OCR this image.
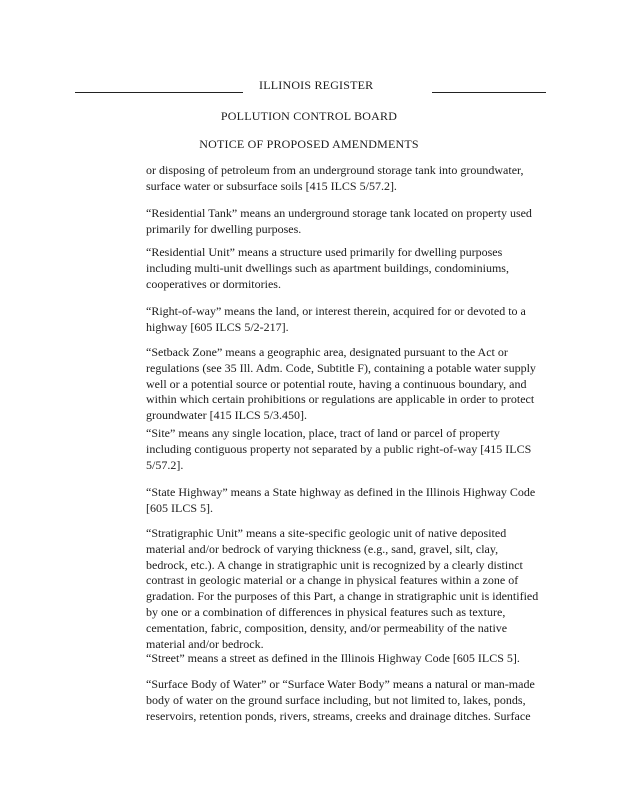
ILLINOIS REGISTER
POLLUTION CONTROL BOARD
NOTICE OF PROPOSED AMENDMENTS

or disposing of petroleum from an underground storage tank into groundwater,
surface water or subsurface soils [415 ILCS 5/57.2].

“Residential Tank” means an underground storage tank located on property used
primarily for dwelling purposes.

“Residential Unit” means a structure used primarily for dwelling purposes
including multi-unit dwellings such as apartment buildings, condominiums,
cooperatives or dormitories.

“Right-of-way” means the land, or interest therein, acquired for or devoted to a
highway [605 ILCS 5/2-217].

“Setback Zone” means a geographic area, designated pursuant to the Act or
regulations (see 35 Ill. Adm. Code, Subtitle F), containing a potable water supply
well or a potential source or potential route, having a continuous boundary, and
within which certain prohibitions or regulations are applicable in order to protect
groundwater [415 ILCS 5/3.450].

“Site” means any single location, place, tract of land or parcel of property
including contiguous property not separated by a public right-of-way [415 ILCS
5/57.2].

“State Highway” means a State highway as defined in the Illinois Highway Code
[605 ILCS 5].

“Stratigraphic Unit” means a site-specific geologic unit of native deposited
material and/or bedrock of varying thickness (e.g., sand, gravel, silt, clay,
bedrock, etc.). A change in stratigraphic unit is recognized by a clearly distinct
contrast in geologic material or a change in physical features within a zone of
gradation. For the purposes of this Part, a change in stratigraphic unit is identified
by one or a combination of differences in physical features such as texture,
cementation, fabric, composition, density, and/or permeability of the native
material and/or bedrock.

“Street” means a street as defined in the Illinois Highway Code [605 ILCS 5].

“Surface Body of Water” or “Surface Water Body” means a natural or man-made
body of water on the ground surface including, but not limited to, lakes, ponds,
reservoirs, retention ponds, rivers, streams, creeks and drainage ditches. Surface
